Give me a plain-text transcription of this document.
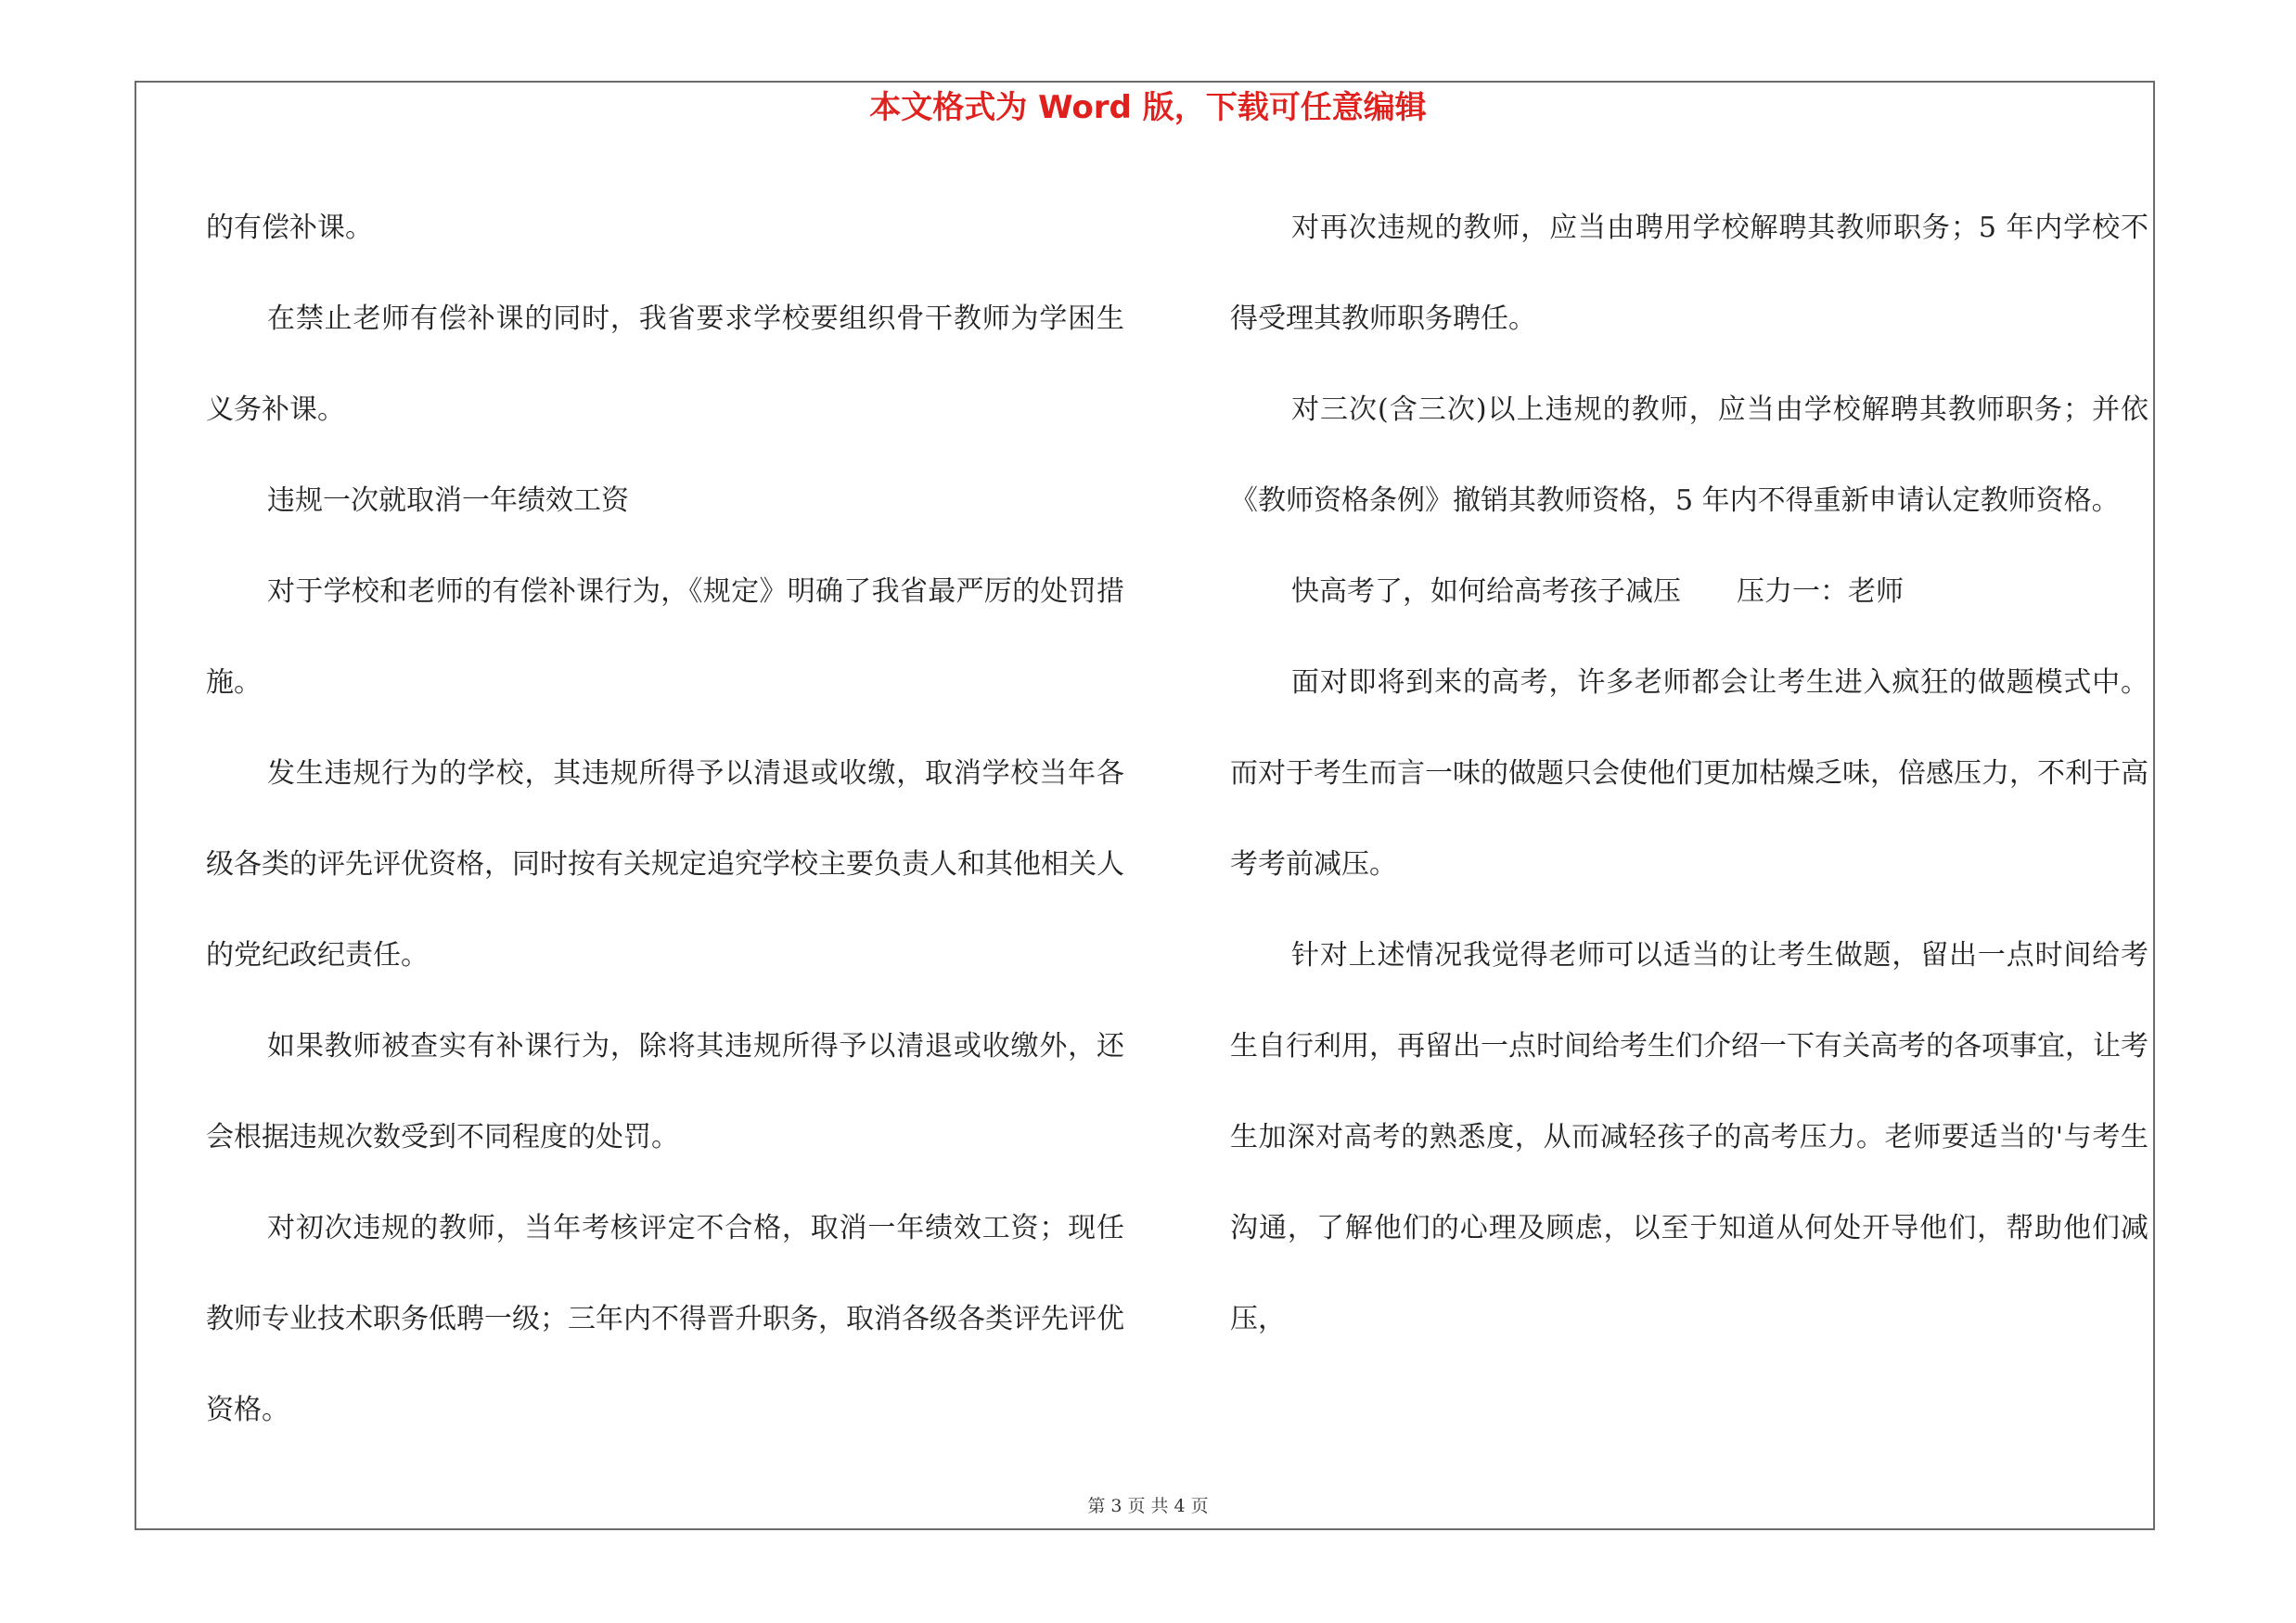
本文格式为 Word 版，下载可任意编辑

的有偿补课。

在禁止老师有偿补课的同时，我省要求学校要组织骨干教师为学困生义务补课。

违规一次就取消一年绩效工资

对于学校和老师的有偿补课行为，《规定》明确了我省最严厉的处罚措施。

发生违规行为的学校，其违规所得予以清退或收缴，取消学校当年各级各类的评先评优资格，同时按有关规定追究学校主要负责人和其他相关人的党纪政纪责任。

如果教师被查实有补课行为，除将其违规所得予以清退或收缴外，还会根据违规次数受到不同程度的处罚。

对初次违规的教师，当年考核评定不合格，取消一年绩效工资；现任教师专业技术职务低聘一级；三年内不得晋升职务，取消各级各类评先评优资格。

对再次违规的教师，应当由聘用学校解聘其教师职务；5 年内学校不得受理其教师职务聘任。

对三次(含三次)以上违规的教师，应当由学校解聘其教师职务；并依《教师资格条例》撤销其教师资格，5 年内不得重新申请认定教师资格。

快高考了，如何给高考孩子减压　　压力一：老师

面对即将到来的高考，许多老师都会让考生进入疯狂的做题模式中。而对于考生而言一味的做题只会使他们更加枯燥乏味，倍感压力，不利于高考考前减压。

针对上述情况我觉得老师可以适当的让考生做题，留出一点时间给考生自行利用，再留出一点时间给考生们介绍一下有关高考的各项事宜，让考生加深对高考的熟悉度，从而减轻孩子的高考压力。老师要适当的'与考生沟通，了解他们的心理及顾虑，以至于知道从何处开导他们，帮助他们减压，

第 3 页 共 4 页
